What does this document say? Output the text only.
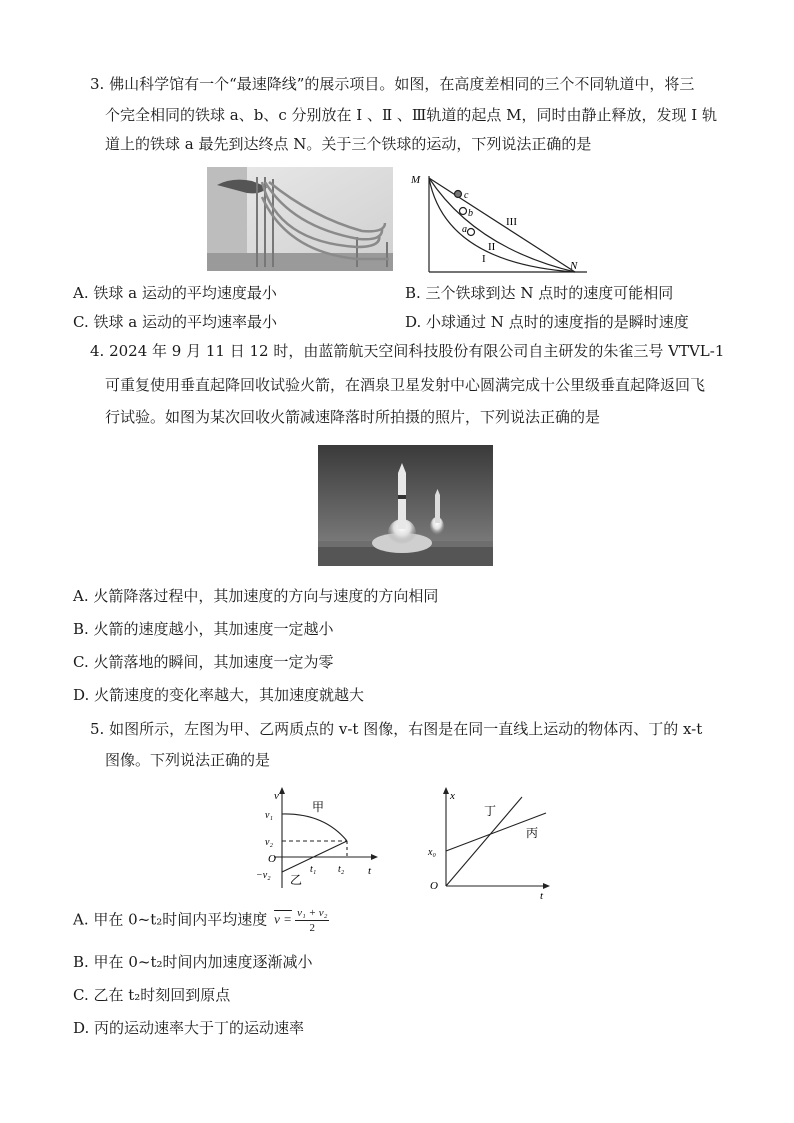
3. 佛山科学馆有一个“最速降线”的展示项目。如图，在高度差相同的三个不同轨道中，将三
个完全相同的铁球 a、b、c 分别放在 Ⅰ 、Ⅱ 、Ⅲ轨道的起点 M，同时由静止释放，发现 I 轨
道上的铁球 a 最先到达终点 N。关于三个铁球的运动，下列说法正确的是
M
c
b
a
III
II
I
N
A. 铁球 a 运动的平均速度最小	B. 三个铁球到达 N 点时的速度可能相同
C. 铁球 a 运动的平均速率最小	D. 小球通过 N 点时的速度指的是瞬时速度
4. 2024 年 9 月 11 日 12 时，由蓝箭航天空间科技股份有限公司自主研发的朱雀三号 VTVL-1
可重复使用垂直起降回收试验火箭，在酒泉卫星发射中心圆满完成十公里级垂直起降返回飞
行试验。如图为某次回收火箭减速降落时所拍摄的照片，下列说法正确的是
A. 火箭降落过程中，其加速度的方向与速度的方向相同
B. 火箭的速度越小，其加速度一定越小
C. 火箭落地的瞬间，其加速度一定为零
D. 火箭速度的变化率越大，其加速度就越大
5. 如图所示，左图为甲、乙两质点的 v-t 图像，右图是在同一直线上运动的物体丙、丁的 x-t
图像。下列说法正确的是
v
甲
v₁
v₂
O
−v₂ 乙
t₁ t₂ t
x
丁
丙
x₀
O
t
A. 甲在 0~t₂时间内平均速度 $v = \frac{\text{v₁ + v₂}}{2}$
B. 甲在 0~t₂时间内加速度逐渐减小
C. 乙在 t₂时刻回到原点
D. 丙的运动速率大于丁的运动速率
